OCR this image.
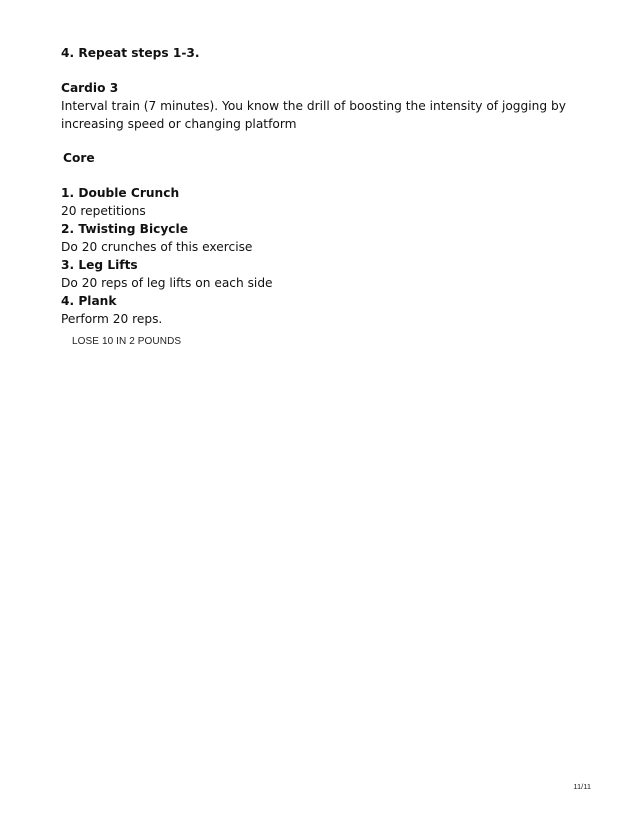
4. Repeat steps 1-3.

Cardio 3

Interval train (7 minutes). You know the drill of boosting the intensity of jogging by increasing speed or changing platform

Core

1. Double Crunch
20 repetitions
2. Twisting Bicycle
Do 20 crunches of this exercise
3. Leg Lifts
Do 20 reps of leg lifts on each side
4. Plank
Perform 20 reps.
LOSE 10 IN 2 POUNDS
11/11
